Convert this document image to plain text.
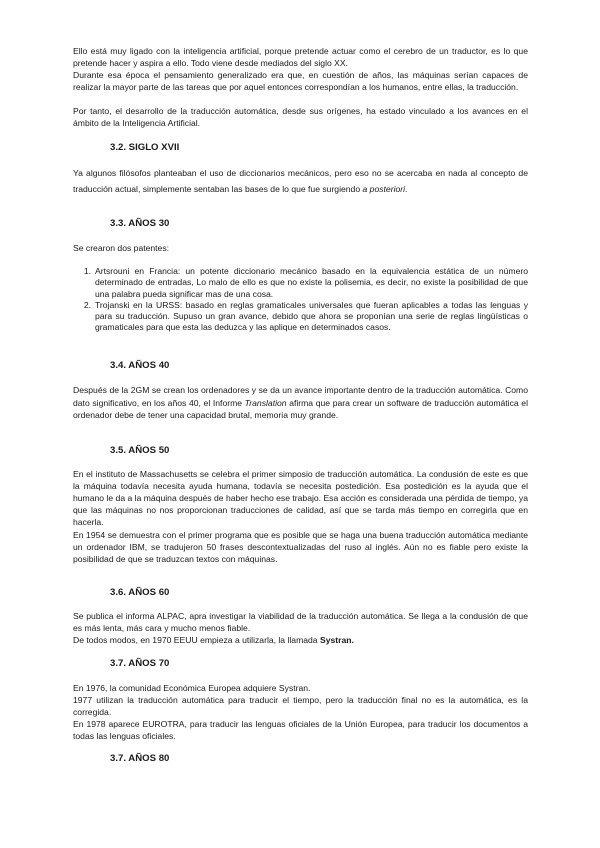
Ello está muy ligado con la inteligencia artificial, porque pretende actuar como el cerebro de un traductor, es lo que pretende hacer y aspira a ello. Todo viene desde mediados del siglo XX.

Durante esa época el pensamiento generalizado era que, en cuestión de años, las máquinas serían capaces de realizar la mayor parte de las tareas que por aquel entonces correspondían a los humanos, entre ellas, la traducción.

Por tanto, el desarrollo de la traducción automática, desde sus orígenes, ha estado vinculado a los avances en el ámbito de la Inteligencia Artificial.

3.2. SIGLO XVII

Ya algunos filósofos planteaban el uso de diccionarios mecánicos, pero eso no se acercaba en nada al concepto de traducción actual, simplemente sentaban las bases de lo que fue surgiendo a posteriori.

3.3. AÑOS 30

Se crearon dos patentes:

1. Artsrouni en Francia: un potente diccionario mecánico basado en la equivalencia estática de un número determinado de entradas, Lo malo de ello es que no existe la polisemia, es decir, no existe la posibilidad de que una palabra pueda significar mas de una cosa.
2. Trojanski en la URSS: basado en reglas gramaticales universales que fueran aplicables a todas las lenguas y para su traducción. Supuso un gran avance, debido que ahora se proponían una serie de reglas lingüísticas o gramaticales para que esta las deduzca y las aplique en determinados casos.
3.4. AÑOS 40

Después de la 2GM se crean los ordenadores y se da un avance importante dentro de la traducción automática. Como dato significativo, en los años 40, el Informe Translation afirma que para crear un software de traducción automática el ordenador debe de tener una capacidad brutal, memoria muy grande.

3.5. AÑOS 50

En el instituto de Massachusetts se celebra el primer simposio de traducción automática. La condusión de este es que la máquina todavía necesita ayuda humana, todavía se necesita postedición. Esa postedición es la ayuda que el humano le da a la máquina después de haber hecho ese trabajo. Esa acción es considerada una pérdida de tiempo, ya que las máquinas no nos proporcionan traducciones de calidad, así que se tarda más tiempo en corregirla que en hacerla.

En 1954 se demuestra con el primer programa que es posible que se haga una buena traducción automática mediante un ordenador IBM, se tradujeron 50 frases descontextualizadas del ruso al inglés. Aún no es fiable pero existe la posibilidad de que se traduzcan textos con máquinas.

3.6. AÑOS 60

Se publica el informa ALPAC, apra investigar la viabilidad de la traducción automática. Se llega a la condusión de que es más lenta, más cara y mucho menos fiable.

De todos modos, en 1970 EEUU empieza a utilizarla, la llamada Systran.

3.7. AÑOS 70

En 1976, la comunidad Económica Europea adquiere Systran.

1977 utilizan la traducción automática para traducir el tiempo, pero la traducción final no es la automática, es la corregida.

En 1978 aparece EUROTRA, para traducir las lenguas oficiales de la Unión Europea, para traducir los documentos a todas las lenguas oficiales.

3.7. AÑOS 80
